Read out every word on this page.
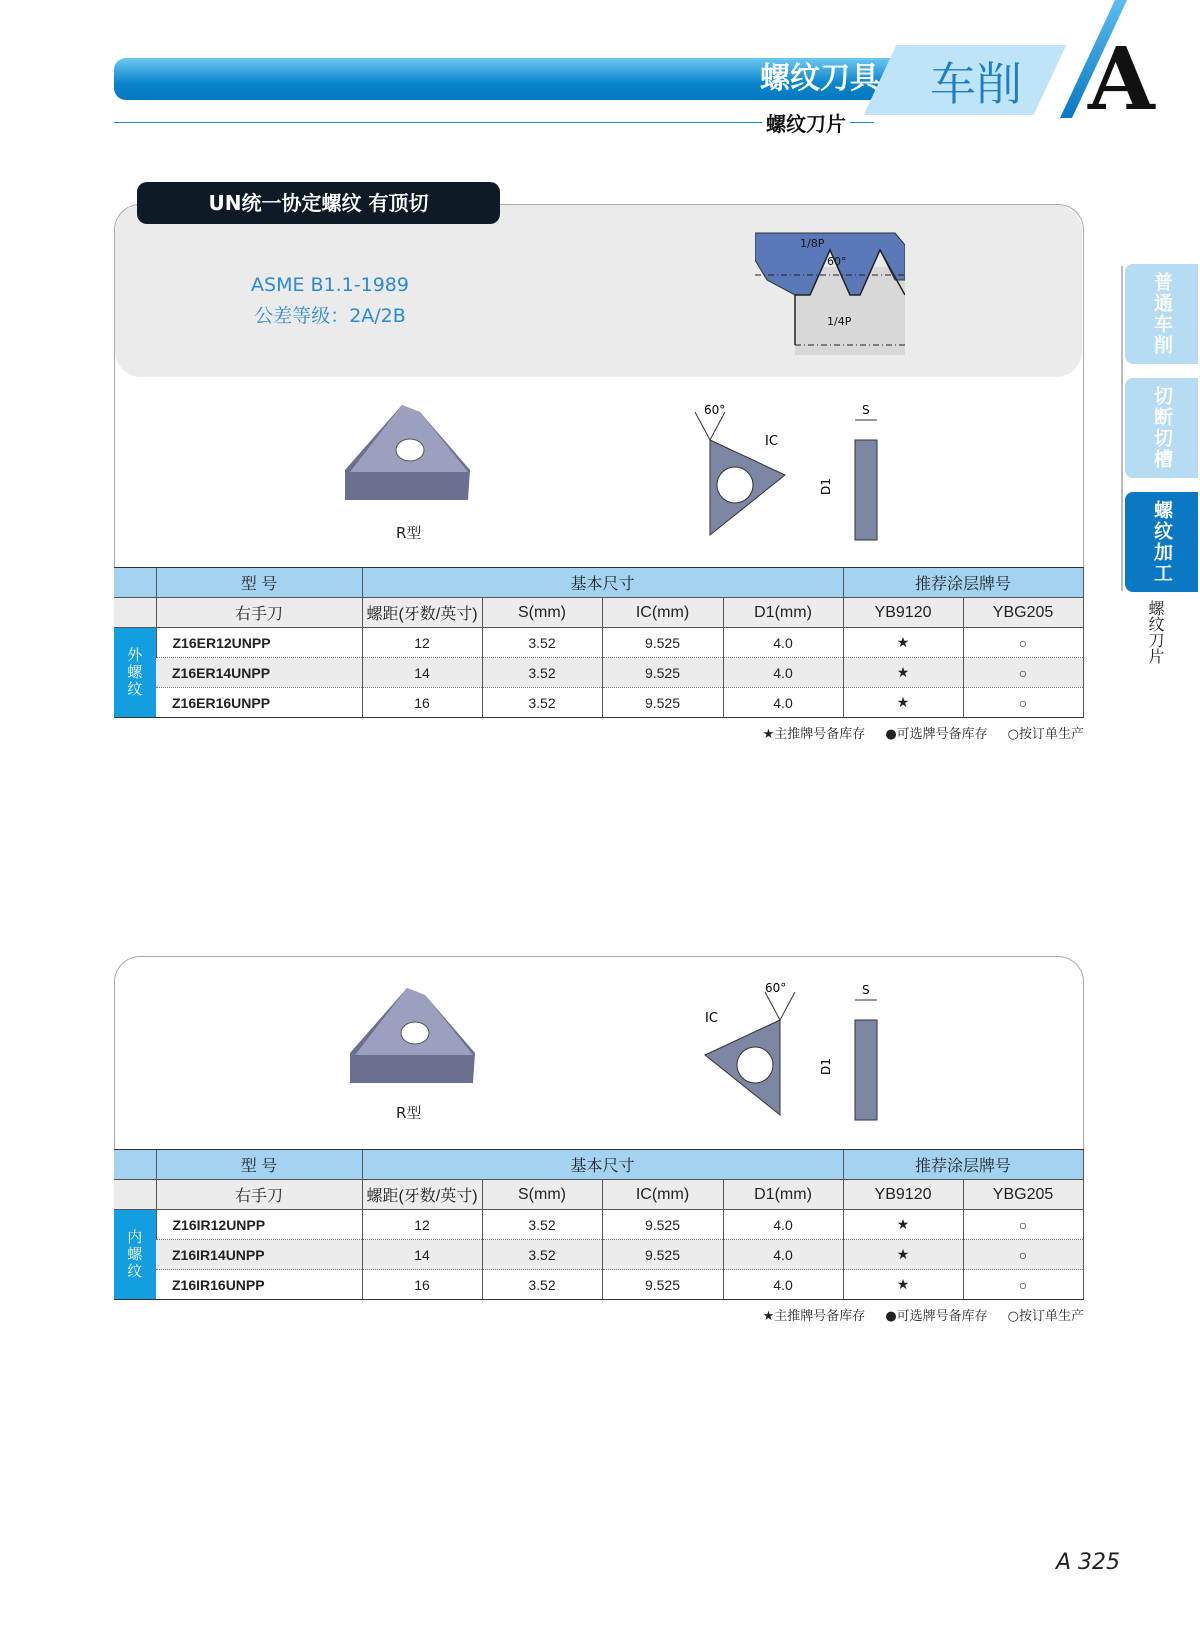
螺纹刀具 车削 A
螺纹刀片
普通车削
切断切槽
螺纹加工
螺纹刀片
UN统一协定螺纹 有顶切
ASME B1.1-1989
公差等级：2A/2B
1/8P
60°
1/4P
R型
60°
IC
S
D1
	型 号	基本尺寸				推荐涂层牌号	
	右手刀	螺距(牙数/英寸)	S(mm)	IC(mm)	D1(mm)	YB9120	YBG205

外螺纹	Z16ER12UNPP	12	3.52	9.525	4.0	★	○
	Z16ER14UNPP	14	3.52	9.525	4.0	★	○
	Z16ER16UNPP	16	3.52	9.525	4.0	★	○
★主推牌号备库存 ●可选牌号备库存 ○按订单生产
R型
60°
IC
S
D1
	型 号	基本尺寸				推荐涂层牌号	
	右手刀	螺距(牙数/英寸)	S(mm)	IC(mm)	D1(mm)	YB9120	YBG205

内螺纹	Z16IR12UNPP	12	3.52	9.525	4.0	★	○
	Z16IR14UNPP	14	3.52	9.525	4.0	★	○
	Z16IR16UNPP	16	3.52	9.525	4.0	★	○
★主推牌号备库存 ●可选牌号备库存 ○按订单生产
A 325
